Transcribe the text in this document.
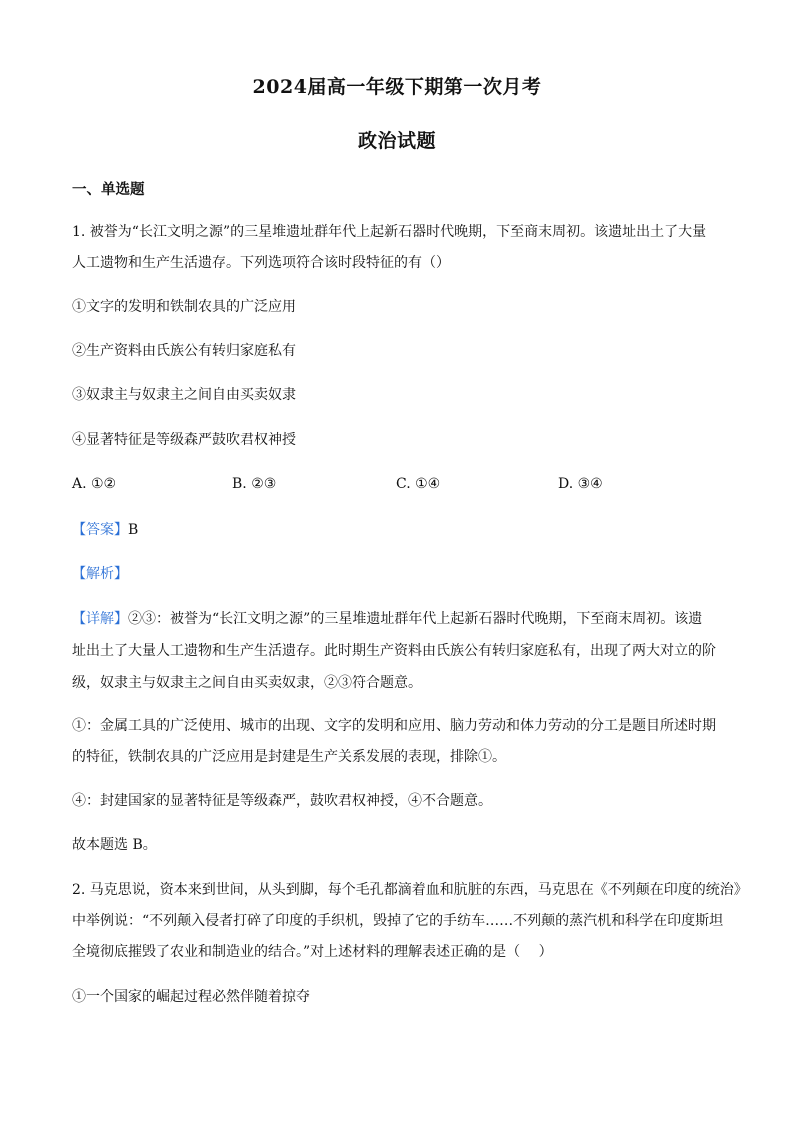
2024届高一年级下期第一次月考
政治试题
一、单选题
1. 被誉为“长江文明之源”的三星堆遗址群年代上起新石器时代晚期，下至商末周初。该遗址出土了大量
人工遗物和生产生活遗存。下列选项符合该时段特征的有（）
①文字的发明和铁制农具的广泛应用
②生产资料由氏族公有转归家庭私有
③奴隶主与奴隶主之间自由买卖奴隶
④显著特征是等级森严鼓吹君权神授
A. ①②	B. ②③	C. ①④	D. ③④
【答案】B
【解析】
【详解】②③：被誉为“长江文明之源”的三星堆遗址群年代上起新石器时代晚期，下至商末周初。该遗
址出土了大量人工遗物和生产生活遗存。此时期生产资料由氏族公有转归家庭私有，出现了两大对立的阶
级，奴隶主与奴隶主之间自由买卖奴隶，②③符合题意。
①：金属工具的广泛使用、城市的出现、文字的发明和应用、脑力劳动和体力劳动的分工是题目所述时期
的特征，铁制农具的广泛应用是封建是生产关系发展的表现，排除①。
④：封建国家的显著特征是等级森严，鼓吹君权神授，④不合题意。
故本题选 B。
2. 马克思说，资本来到世间，从头到脚，每个毛孔都滴着血和肮脏的东西，马克思在《不列颠在印度的统治》
中举例说：“不列颠入侵者打碎了印度的手织机，毁掉了它的手纺车……不列颠的蒸汽机和科学在印度斯坦
全境彻底摧毁了农业和制造业的结合。”对上述材料的理解表述正确的是（　 ）
①一个国家的崛起过程必然伴随着掠夺
